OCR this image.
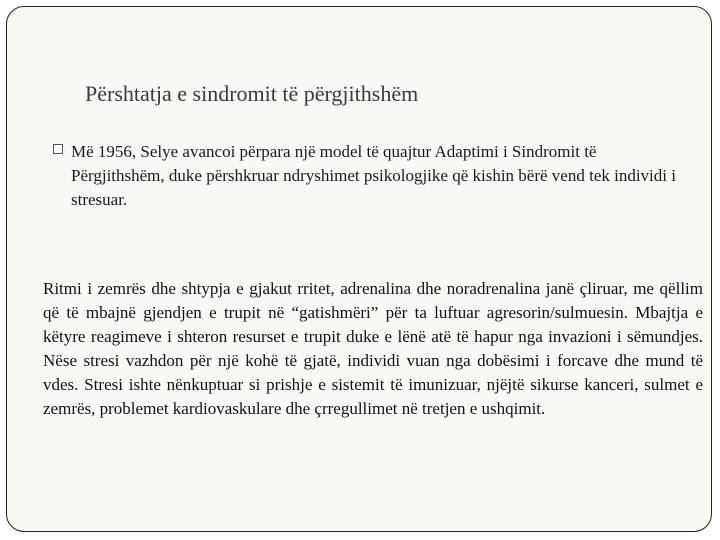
Përshtatja e sindromit të përgjithshëm
Më 1956, Selye avancoi përpara një model të quajtur Adaptimi i Sindromit të Përgjithshëm, duke përshkruar ndryshimet psikologjike që kishin bërë vend tek individi i stresuar.
Ritmi i zemrës dhe shtypja e gjakut rritet, adrenalina dhe noradrenalina janë çliruar, me qëllim që të mbajnë gjendjen e trupit në “gatishmëri” për ta luftuar agresorin/sulmuesin. Mbajtja e këtyre reagimeve i shteron resurset e trupit duke e lënë atë të hapur nga invazioni i sëmundjes. Nëse stresi vazhdon për një kohë të gjatë, individi vuan nga dobësimi i forcave dhe mund të vdes. Stresi ishte nënkuptuar si prishje e sistemit të imunizuar, njëjtë sikurse kanceri, sulmet e zemrës, problemet kardiovaskulare dhe çrregullimet në tretjen e ushqimit.
